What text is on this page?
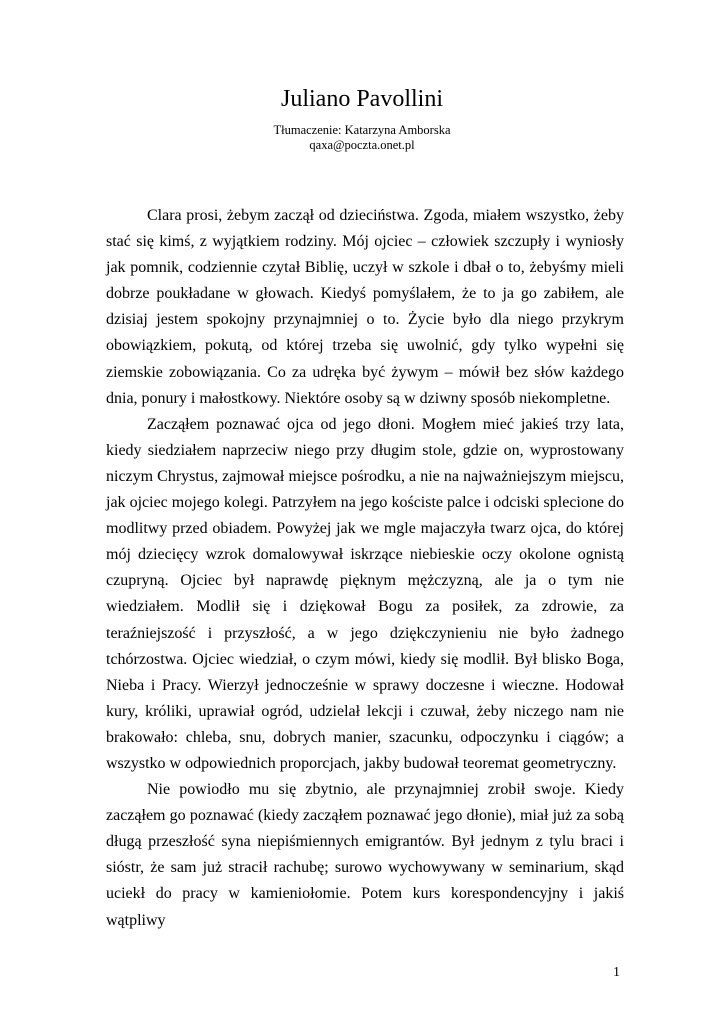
Juliano Pavollini
Tłumaczenie: Katarzyna Amborska
qaxa@poczta.onet.pl

Clara prosi, żebym zaczął od dzieciństwa. Zgoda, miałem wszystko, żeby stać się kimś, z wyjątkiem rodziny. Mój ojciec – człowiek szczupły i wyniosły jak pomnik, codziennie czytał Biblię, uczył w szkole i dbał o to, żebyśmy mieli dobrze poukładane w głowach. Kiedyś pomyślałem, że to ja go zabiłem, ale dzisiaj jestem spokojny przynajmniej o to. Życie było dla niego przykrym obowiązkiem, pokutą, od której trzeba się uwolnić, gdy tylko wypełni się ziemskie zobowiązania. Co za udręka być żywym – mówił bez słów każdego dnia, ponury i małostkowy. Niektóre osoby są w dziwny sposób niekompletne.

Zacząłem poznawać ojca od jego dłoni. Mogłem mieć jakieś trzy lata, kiedy siedziałem naprzeciw niego przy długim stole, gdzie on, wyprostowany niczym Chrystus, zajmował miejsce pośrodku, a nie na najważniejszym miejscu, jak ojciec mojego kolegi. Patrzyłem na jego kościste palce i odciski splecione do modlitwy przed obiadem. Powyżej jak we mgle majaczyła twarz ojca, do której mój dziecięcy wzrok domalowywał iskrzące niebieskie oczy okolone ognistą czupryną. Ojciec był naprawdę pięknym mężczyzną, ale ja o tym nie wiedziałem. Modlił się i dziękował Bogu za posiłek, za zdrowie, za teraźniejszość i przyszłość, a w jego dziękczynieniu nie było żadnego tchórzostwa. Ojciec wiedział, o czym mówi, kiedy się modlił. Był blisko Boga, Nieba i Pracy. Wierzył jednocześnie w sprawy doczesne i wieczne. Hodował kury, króliki, uprawiał ogród, udzielał lekcji i czuwał, żeby niczego nam nie brakowało: chleba, snu, dobrych manier, szacunku, odpoczynku i ciągów; a wszystko w odpowiednich proporcjach, jakby budował teoremat geometryczny.

Nie powiodło mu się zbytnio, ale przynajmniej zrobił swoje. Kiedy zacząłem go poznawać (kiedy zacząłem poznawać jego dłonie), miał już za sobą długą przeszłość syna niepiśmiennych emigrantów. Był jednym z tylu braci i sióstr, że sam już stracił rachubę; surowo wychowywany w seminarium, skąd uciekł do pracy w kamieniołomie. Potem kurs korespondencyjny i jakiś wątpliwy

1
